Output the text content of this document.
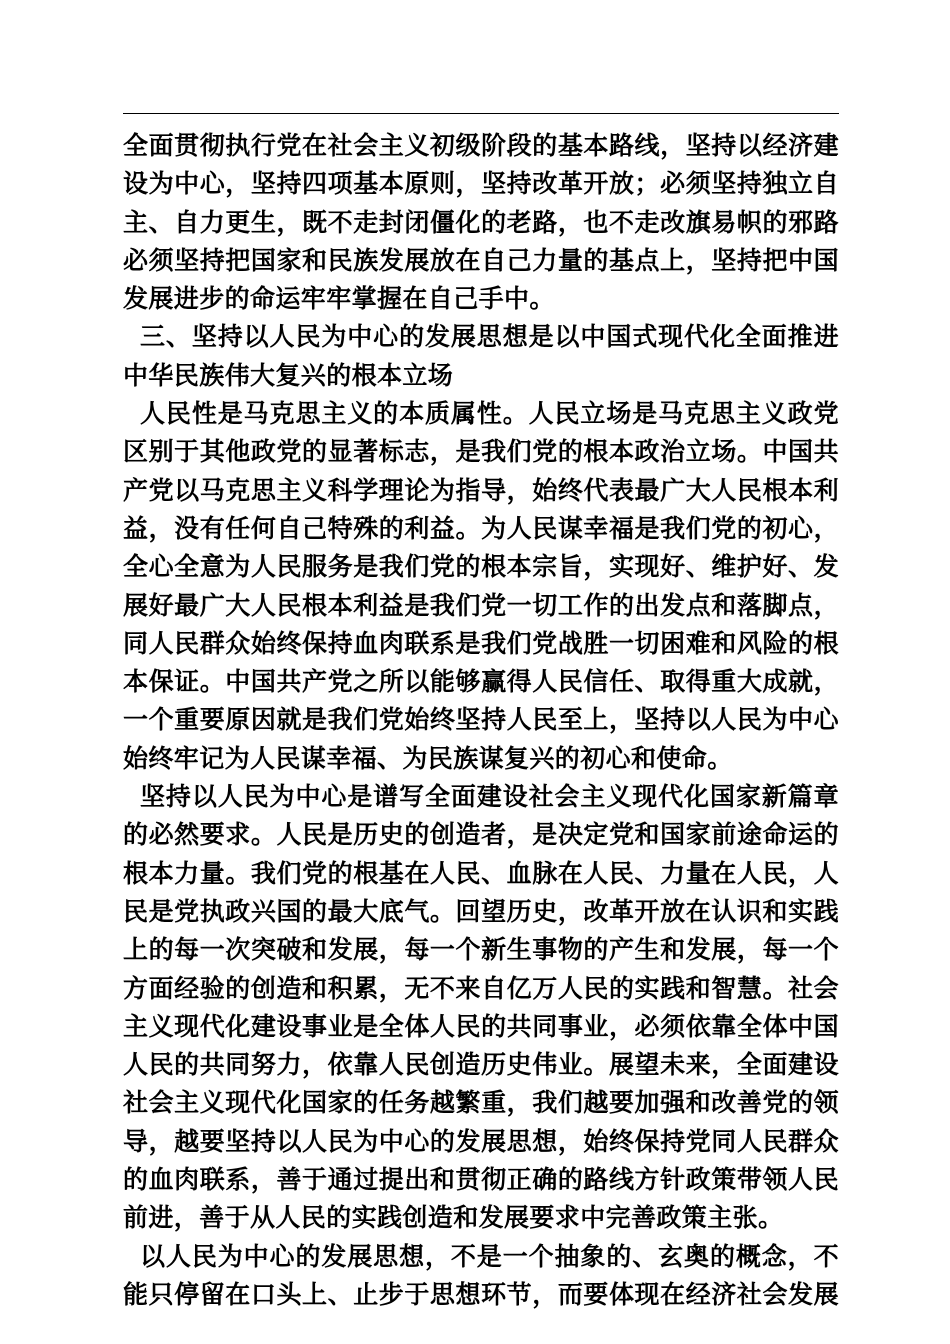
全面贯彻执行党在社会主义初级阶段的基本路线，坚持以经济建
设为中心，坚持四项基本原则，坚持改革开放；必须坚持独立自
主、自力更生，既不走封闭僵化的老路，也不走改旗易帜的邪路
必须坚持把国家和民族发展放在自己力量的基点上，坚持把中国
发展进步的命运牢牢掌握在自己手中。
三、坚持以人民为中心的发展思想是以中国式现代化全面推进
中华民族伟大复兴的根本立场
人民性是马克思主义的本质属性。人民立场是马克思主义政党
区别于其他政党的显著标志，是我们党的根本政治立场。中国共
产党以马克思主义科学理论为指导，始终代表最广大人民根本利
益，没有任何自己特殊的利益。为人民谋幸福是我们党的初心，
全心全意为人民服务是我们党的根本宗旨，实现好、维护好、发
展好最广大人民根本利益是我们党一切工作的出发点和落脚点，
同人民群众始终保持血肉联系是我们党战胜一切困难和风险的根
本保证。中国共产党之所以能够赢得人民信任、取得重大成就，
一个重要原因就是我们党始终坚持人民至上，坚持以人民为中心
始终牢记为人民谋幸福、为民族谋复兴的初心和使命。
坚持以人民为中心是谱写全面建设社会主义现代化国家新篇章
的必然要求。人民是历史的创造者，是决定党和国家前途命运的
根本力量。我们党的根基在人民、血脉在人民、力量在人民，人
民是党执政兴国的最大底气。回望历史，改革开放在认识和实践
上的每一次突破和发展，每一个新生事物的产生和发展，每一个
方面经验的创造和积累，无不来自亿万人民的实践和智慧。社会
主义现代化建设事业是全体人民的共同事业，必须依靠全体中国
人民的共同努力，依靠人民创造历史伟业。展望未来，全面建设
社会主义现代化国家的任务越繁重，我们越要加强和改善党的领
导，越要坚持以人民为中心的发展思想，始终保持党同人民群众
的血肉联系，善于通过提出和贯彻正确的路线方针政策带领人民
前进，善于从人民的实践创造和发展要求中完善政策主张。
以人民为中心的发展思想，不是一个抽象的、玄奥的概念，不
能只停留在口头上、止步于思想环节，而要体现在经济社会发展
